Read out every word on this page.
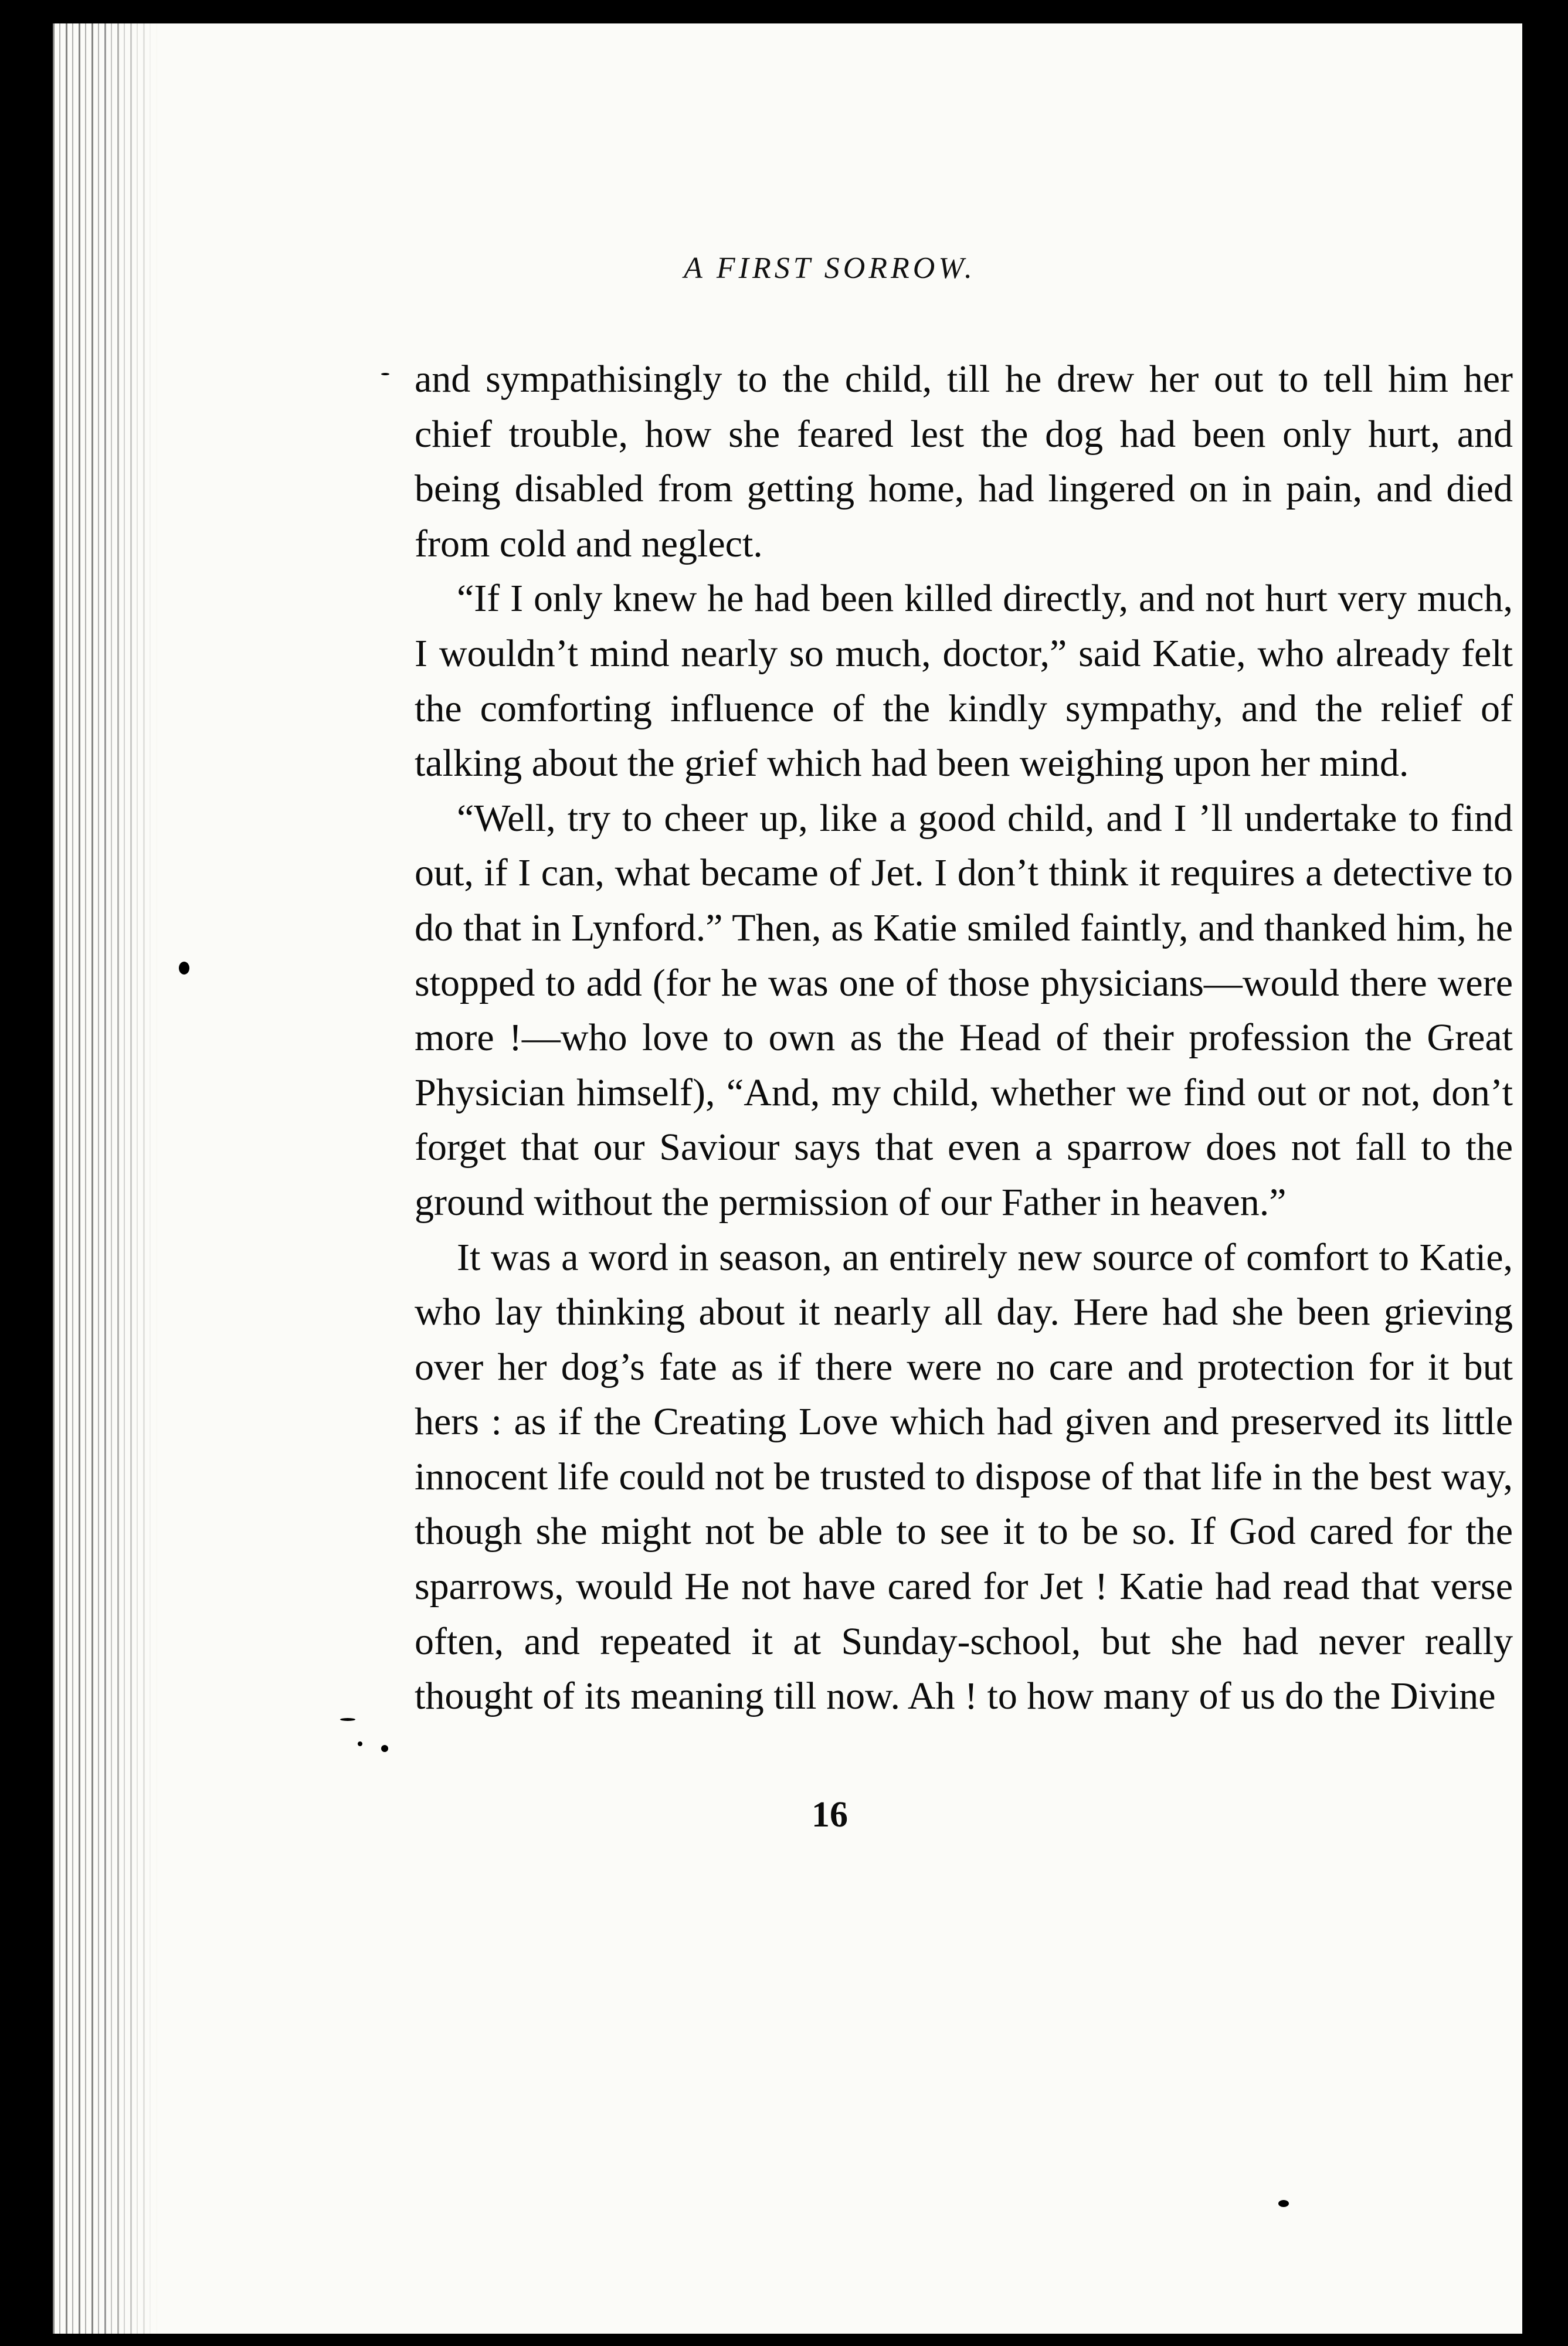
A FIRST SORROW.

and sympathisingly to the child, till he drew her out to tell him her chief trouble, how she feared lest the dog had been only hurt, and being disabled from getting home, had lingered on in pain, and died from cold and neglect.

“If I only knew he had been killed directly, and not hurt very much, I wouldn’t mind nearly so much, doctor,” said Katie, who already felt the comforting influence of the kindly sympathy, and the relief of talking about the grief which had been weighing upon her mind.

“Well, try to cheer up, like a good child, and I ’ll undertake to find out, if I can, what became of Jet. I don’t think it requires a detective to do that in Lynford.” Then, as Katie smiled faintly, and thanked him, he stopped to add (for he was one of those physicians—would there were more !—who love to own as the Head of their profession the Great Physician himself), “And, my child, whether we find out or not, don’t forget that our Saviour says that even a sparrow does not fall to the ground without the permission of our Father in heaven.”

It was a word in season, an entirely new source of comfort to Katie, who lay thinking about it nearly all day. Here had she been grieving over her dog’s fate as if there were no care and protection for it but hers : as if the Creating Love which had given and preserved its little innocent life could not be trusted to dispose of that life in the best way, though she might not be able to see it to be so. If God cared for the sparrows, would He not have cared for Jet ! Katie had read that verse often, and repeated it at Sunday-school, but she had never really thought of its meaning till now. Ah ! to how many of us do the Divine

16
